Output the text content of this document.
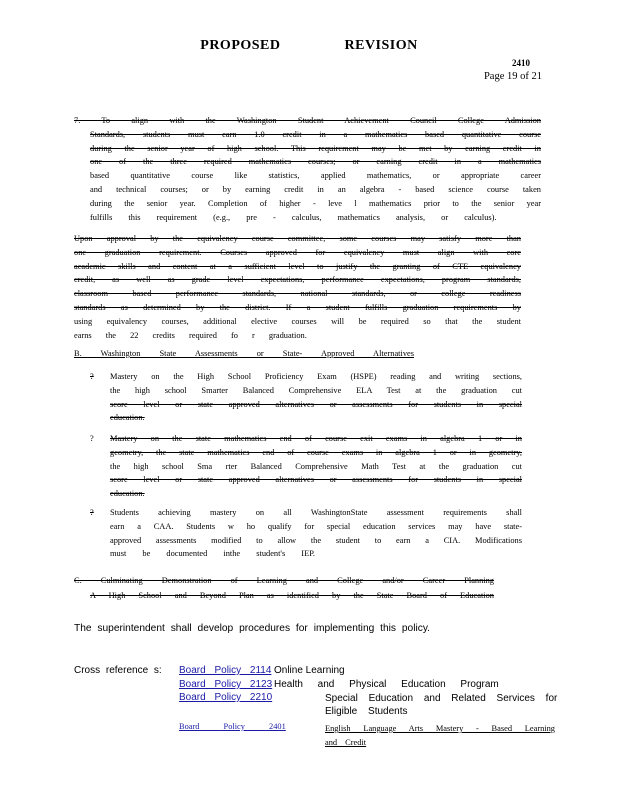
PROPOSED REVISION
2410
Page 19 of 21
7. To align with the Washington Student Achievement Council College Admission
Standards, students must earn 1.0 credit in a mathematics based quantitative course
during the senior year of high school. This requirement may be met by earning credit in
one of the three required mathematics courses; or earning credit in a mathematics
based quantitative course like statistics, applied mathematics, or appropriate career
and technical courses; or by earning credit in an algebra - based science course taken
during the senior year. Completion of higher - leve l mathematics prior to the senior year
fulfills this requirement (e.g., pre - calculus, mathematics analysis, or calculus).
Upon approval by the equivalency course committee, some courses may satisfy more than
one graduation requirement. Courses approved for equivalency must align with core
academic skills and content at a sufficient level to justify the granting of CTE equivalency
credit, as well as grade level expectations, performance expectations, program standards,
classroom based performance standards, national standards, or college readiness
standards as determined by the district. If a student fulfills graduation requirements by
using equivalency courses, additional elective courses will be required so that the student
earns the 22 credits required fo r graduation.
B. Washington State Assessments or State- Approved Alternatives
? Mastery on the High School Proficiency Exam (HSPE) reading and writing sections,
the high school Smarter Balanced Comprehensive ELA Test at the graduation cut
score level or state approved alternatives or assessments for students in special
education.
? Mastery on the state mathematics end of course exit exams in algebra 1 or in
geometry, the state mathematics end of course exams in algebra 1 or in geometry,
the high school Sma rter Balanced Comprehensive Math Test at the graduation cut
score level or state approved alternatives or assessments for students in special
education.
? Students achieving mastery on all WashingtonState assessment requirements shall
earn a CAA. Students w ho qualify for special education services may have state-
approved assessments modified to allow the student to earn a CIA. Modifications
must be documented inthe student's IEP.
C. Culminating Demonstration of Learning and College and/or Career Planning
A High School and Beyond Plan as identified by the State Board of Education
The superintendent shall develop procedures for implementing this policy.
Cross reference s: Board Policy 2114 Online Learning
Board Policy 2123 Health and Physical Education Program
Board Policy 2210	Special Education and Related Services for Eligible Students
Board Policy 2401	English Language Arts Mastery - Based Learning
and Credit
